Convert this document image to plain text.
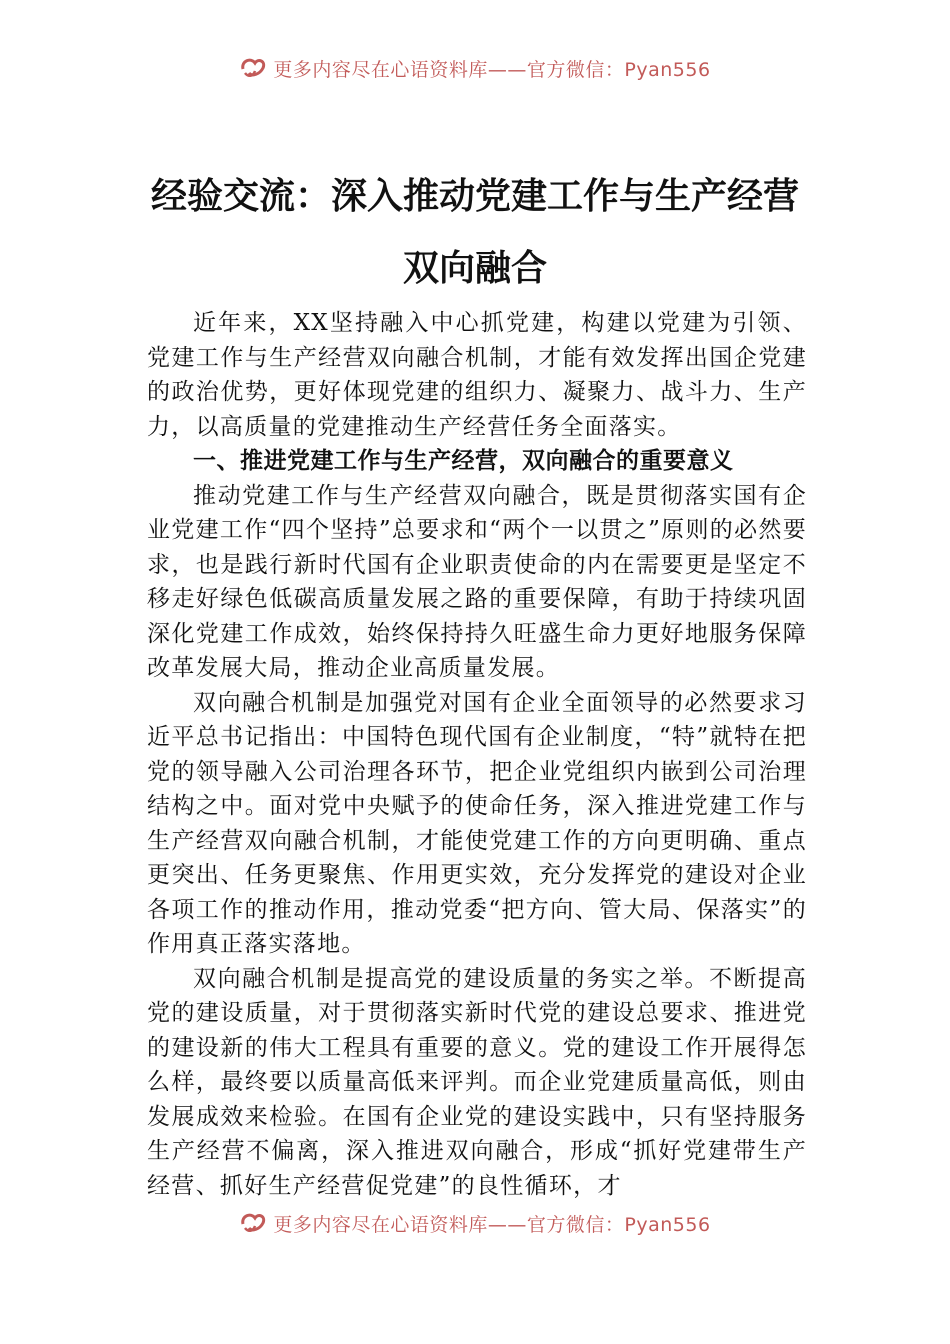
更多内容尽在心语资料库——官方微信：Pyan556
经验交流：深入推动党建工作与生产经营
双向融合

近年来，XX坚持融入中心抓党建，构建以党建为引领、党建工作与生产经营双向融合机制，才能有效发挥出国企党建的政治优势，更好体现党建的组织力、凝聚力、战斗力、生产力，以高质量的党建推动生产经营任务全面落实。

一、推进党建工作与生产经营，双向融合的重要意义

推动党建工作与生产经营双向融合，既是贯彻落实国有企业党建工作“四个坚持”总要求和“两个一以贯之”原则的必然要求，也是践行新时代国有企业职责使命的内在需要更是坚定不移走好绿色低碳高质量发展之路的重要保障，有助于持续巩固深化党建工作成效，始终保持持久旺盛生命力更好地服务保障改革发展大局，推动企业高质量发展。

双向融合机制是加强党对国有企业全面领导的必然要求习近平总书记指出：中国特色现代国有企业制度，“特”就特在把党的领导融入公司治理各环节，把企业党组织内嵌到公司治理结构之中。面对党中央赋予的使命任务，深入推进党建工作与生产经营双向融合机制，才能使党建工作的方向更明确、重点更突出、任务更聚焦、作用更实效，充分发挥党的建设对企业各项工作的推动作用，推动党委“把方向、管大局、保落实”的作用真正落实落地。

双向融合机制是提高党的建设质量的务实之举。不断提高党的建设质量，对于贯彻落实新时代党的建设总要求、推进党的建设新的伟大工程具有重要的意义。党的建设工作开展得怎么样，最终要以质量高低来评判。而企业党建质量高低，则由发展成效来检验。在国有企业党的建设实践中，只有坚持服务生产经营不偏离，深入推进双向融合，形成“抓好党建带生产经营、抓好生产经营促党建”的良性循环，才

更多内容尽在心语资料库——官方微信：Pyan556
